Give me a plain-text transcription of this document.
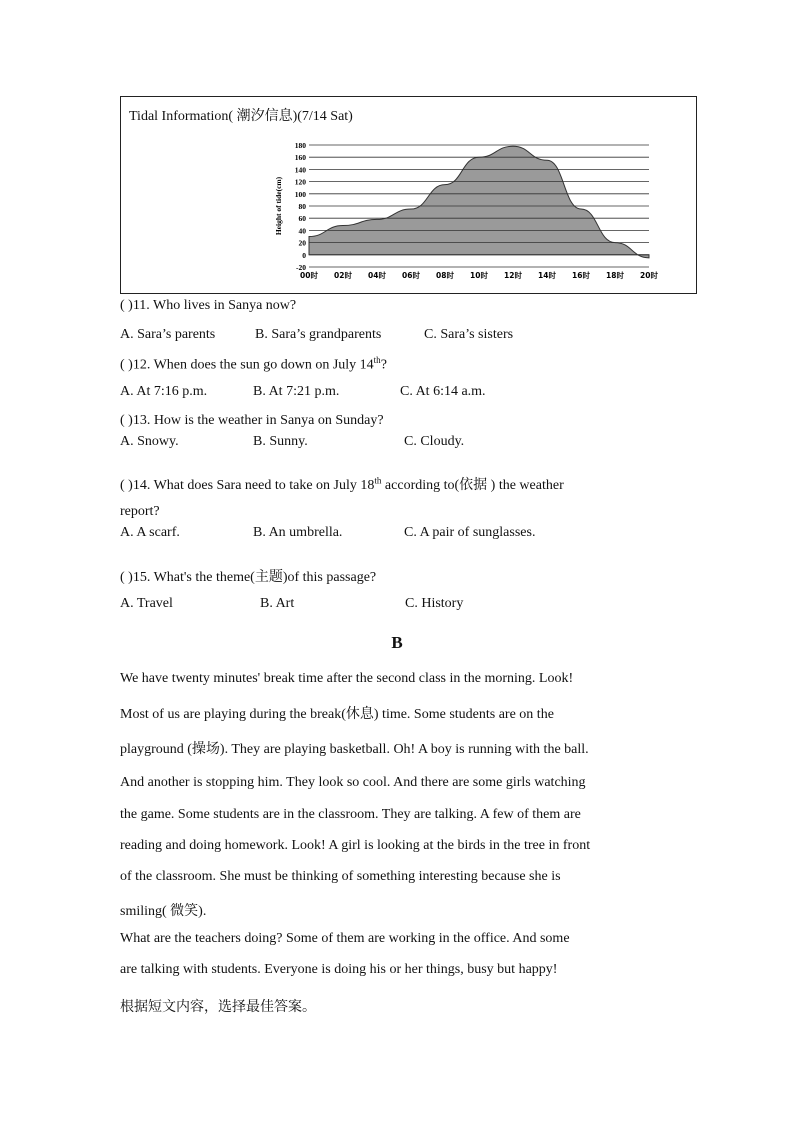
Tidal Information( 潮汐信息)(7/14 Sat)
180
160
140
120
100
80
60
40
20
0
-20
00时 02时 04时 06时 08时 10时 12时 14时 16时 18时 20时
Height of tide(cm)
( )11. Who lives in Sanya now?
A. Sara’s parents	B. Sara’s grandparents	C. Sara’s sisters
( )12. When does the sun go down on July 14th?
A. At 7:16 p.m.	B. At 7:21 p.m.	C. At 6:14 a.m.
( )13. How is the weather in Sanya on Sunday?
A. Snowy.	B. Sunny.	C. Cloudy.
( )14. What does Sara need to take on July 18th according to(依据 ) the weather
report?
A. A scarf.	B. An umbrella.	C. A pair of sunglasses.
( )15. What's the theme(主题)of this passage?
A. Travel	B. Art	C. History
B
We have twenty minutes' break time after the second class in the morning. Look!
Most of us are playing during the break(休息) time. Some students are on the
playground (操场). They are playing basketball. Oh! A boy is running with the ball.
And another is stopping him. They look so cool. And there are some girls watching
the game. Some students are in the classroom. They are talking. A few of them are
reading and doing homework. Look! A girl is looking at the birds in the tree in front
of the classroom. She must be thinking of something interesting because she is
smiling( 微笑).
What are the teachers doing? Some of them are working in the office. And some
are talking with students. Everyone is doing his or her things, busy but happy!
根据短文内容，选择最佳答案。
